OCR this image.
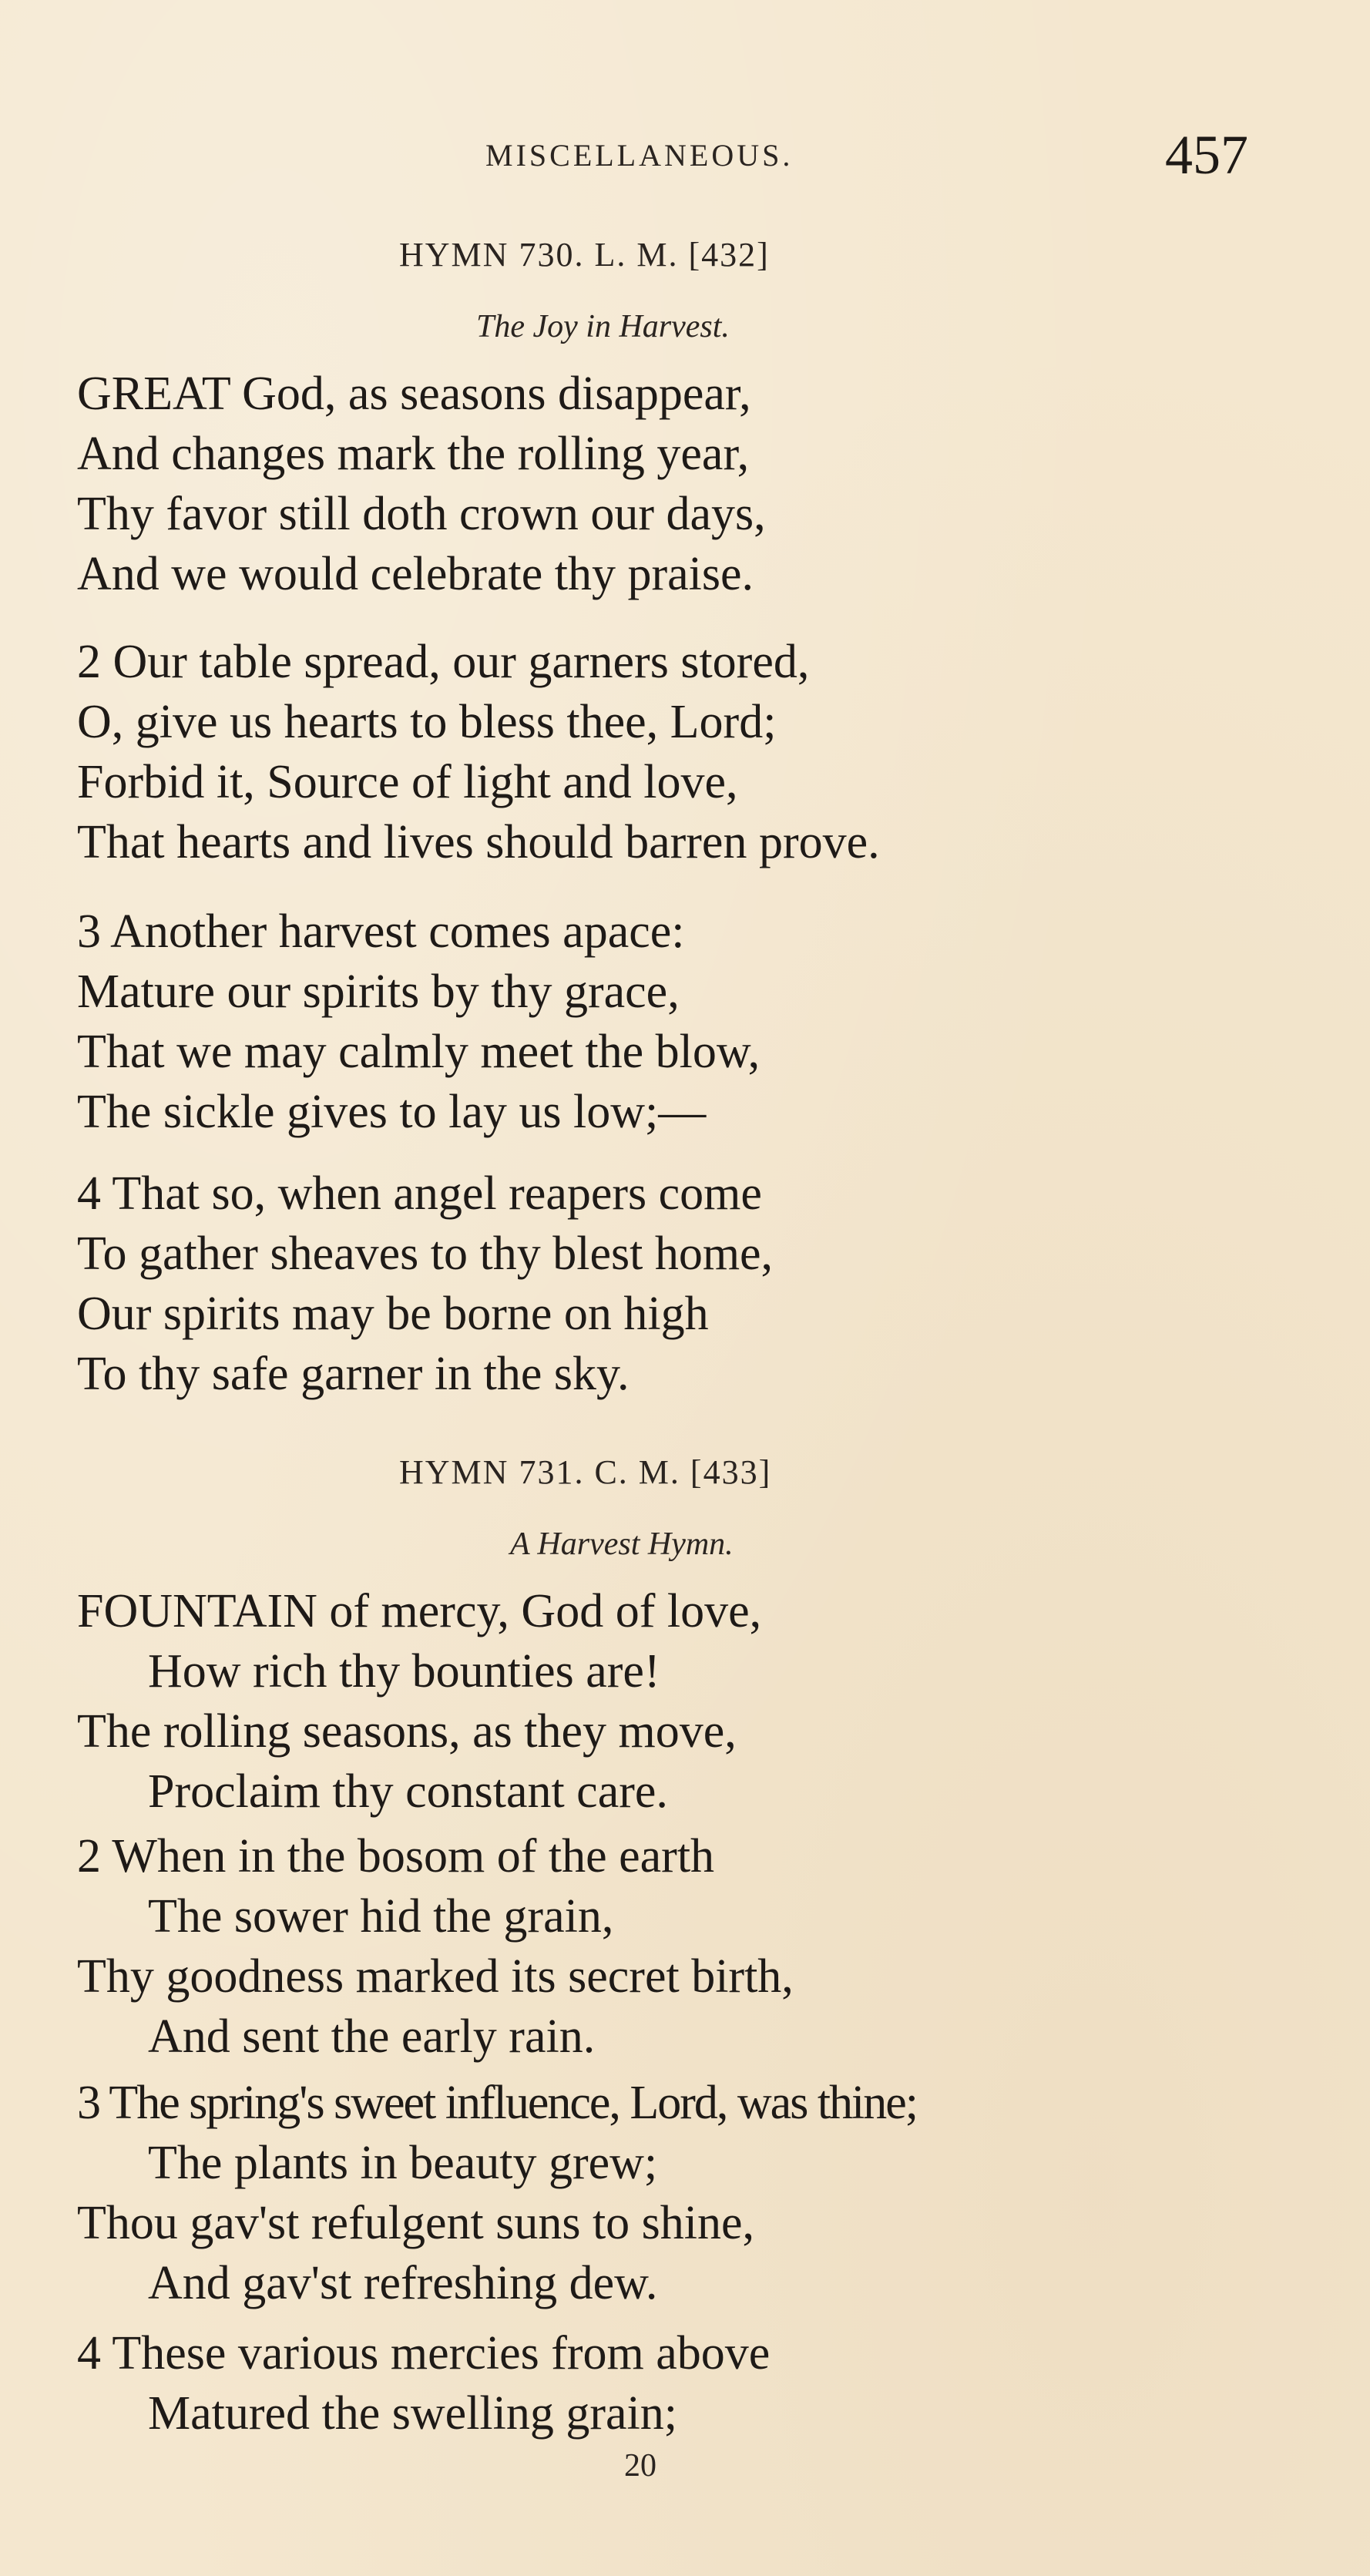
MISCELLANEOUS.	457
HYMN 730. L. M. [432]
The Joy in Harvest.
GREAT God, as seasons disappear,
And changes mark the rolling year,
Thy favor still doth crown our days,
And we would celebrate thy praise.
2 Our table spread, our garners stored,
O, give us hearts to bless thee, Lord;
Forbid it, Source of light and love,
That hearts and lives should barren prove.
3 Another harvest comes apace:
Mature our spirits by thy grace,
That we may calmly meet the blow,
The sickle gives to lay us low;—
4 That so, when angel reapers come
To gather sheaves to thy blest home,
Our spirits may be borne on high
To thy safe garner in the sky.
HYMN 731. C. M. [433]
A Harvest Hymn.
FOUNTAIN of mercy, God of love,
How rich thy bounties are!
The rolling seasons, as they move,
Proclaim thy constant care.
2 When in the bosom of the earth
The sower hid the grain,
Thy goodness marked its secret birth,
And sent the early rain.
3 The spring's sweet influence, Lord, was thine;
The plants in beauty grew;
Thou gav'st refulgent suns to shine,
And gav'st refreshing dew.
4 These various mercies from above
Matured the swelling grain;
20
